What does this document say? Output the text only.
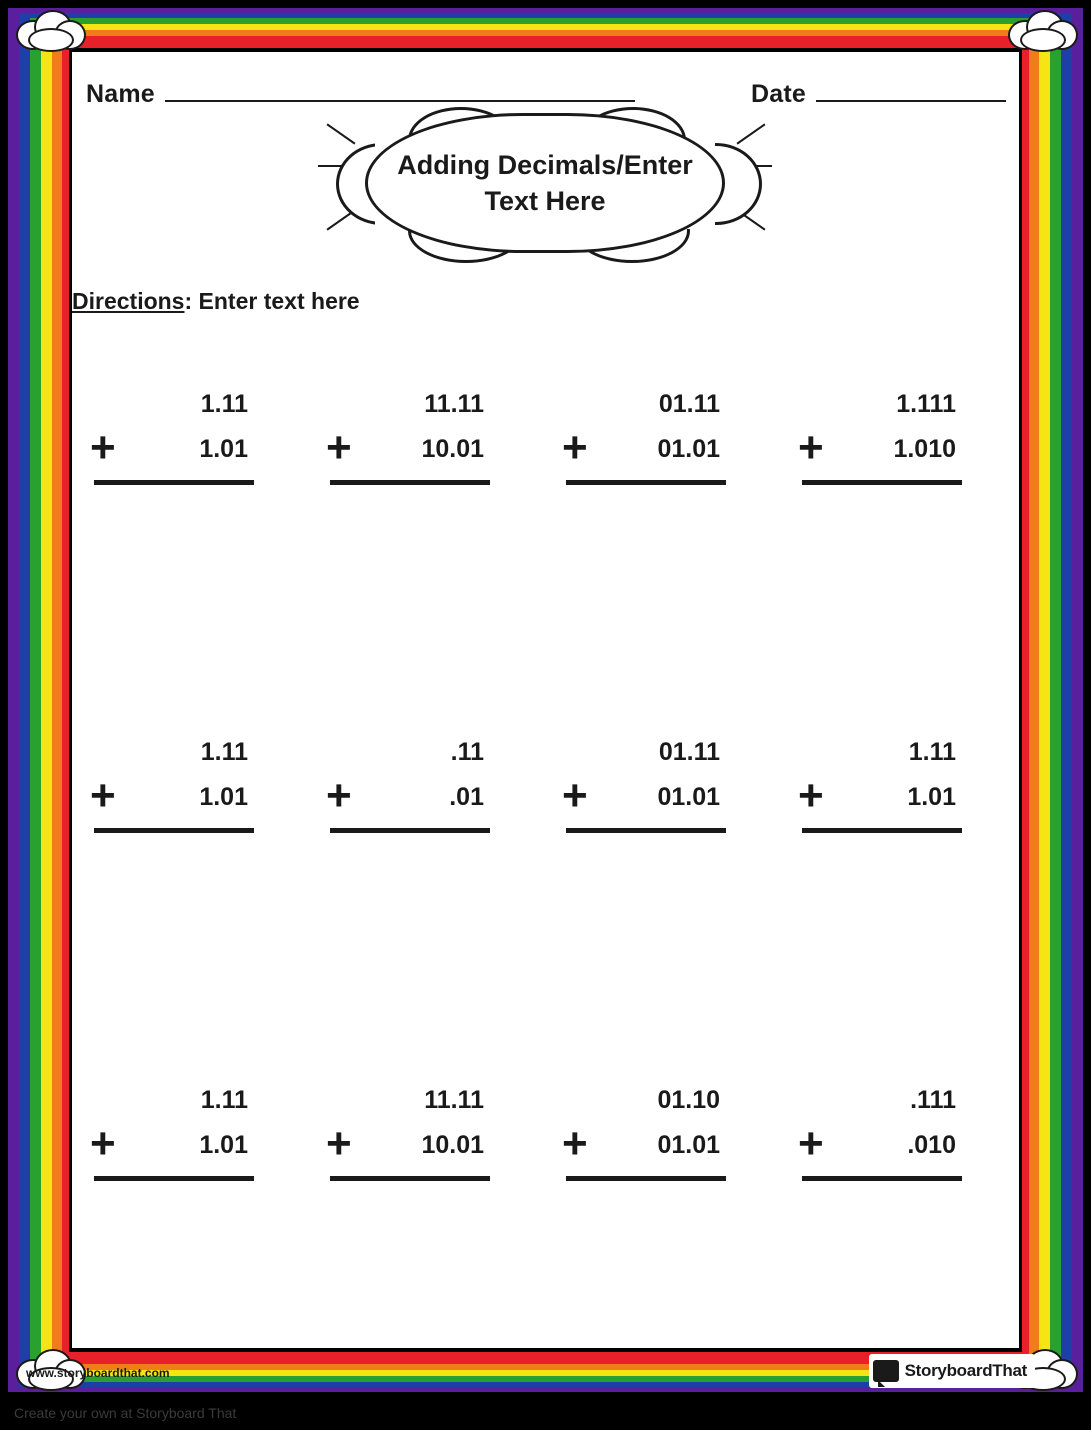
Name	Date
Adding Decimals/Enter Text Here
Directions: Enter text here
1.11
+	1.01
11.11
+	10.01
01.11
+	01.01
1.111
+	1.010
1.11
+	1.01
.11
+	.01
01.11
+	01.01
1.11
+	1.01
1.11
+	1.01
11.11
+	10.01
01.10
+	01.01
.111
+	.010
www.storyboardthat.com	StoryboardThat
Create your own at Storyboard That
